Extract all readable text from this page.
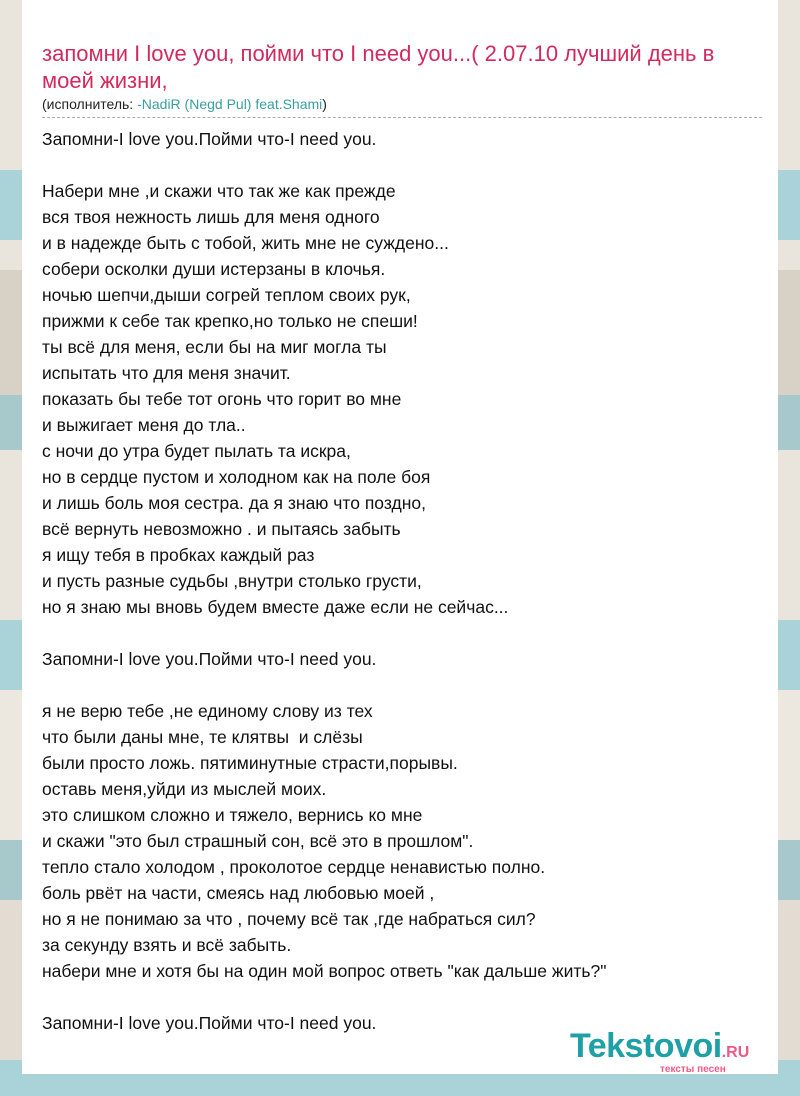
запомни I love you, пойми что I need you...( 2.07.10 лучший день в моей жизни,
(исполнитель: -NadiR (Negd Pul) feat.Shami)
Запомни-I love you.Пойми что-I need you.
Набери мне ,и скажи что так же как прежде
вся твоя нежность лишь для меня одного
и в надежде быть с тобой, жить мне не суждено...
собери осколки души истерзаны в клочья.
ночью шепчи,дыши согрей теплом своих рук,
прижми к себе так крепко,но только не спеши!
ты всё для меня, если бы на миг могла ты
испытать что для меня значит.
показать бы тебе тот огонь что горит во мне
и выжигает меня до тла..
с ночи до утра будет пылать та искра,
но в сердце пустом и холодном как на поле боя
и лишь боль моя сестра. да я знаю что поздно,
всё вернуть невозможно . и пытаясь забыть
я ищу тебя в пробках каждый раз
и пусть разные судьбы ,внутри столько грусти,
но я знаю мы вновь будем вместе даже если не сейчас...
Запомни-I love you.Пойми что-I need you.
я не верю тебе ,не единому слову из тех
что были даны мне, те клятвы  и слёзы
были просто ложь. пятиминутные страсти,порывы.
оставь меня,уйди из мыслей моих.
это слишком сложно и тяжело, вернись ко мне
и скажи "это был страшный сон, всё это в прошлом".
тепло стало холодом , проколотое сердце ненавистью полно.
боль рвёт на части, смеясь над любовью моей ,
но я не понимаю за что , почему всё так ,где набраться сил?
за секунду взять и всё забыть.
набери мне и хотя бы на один мой вопрос ответь "как дальше жить?"
Запомни-I love you.Пойми что-I need you.
Tekstovoi.RU
тексты песен
